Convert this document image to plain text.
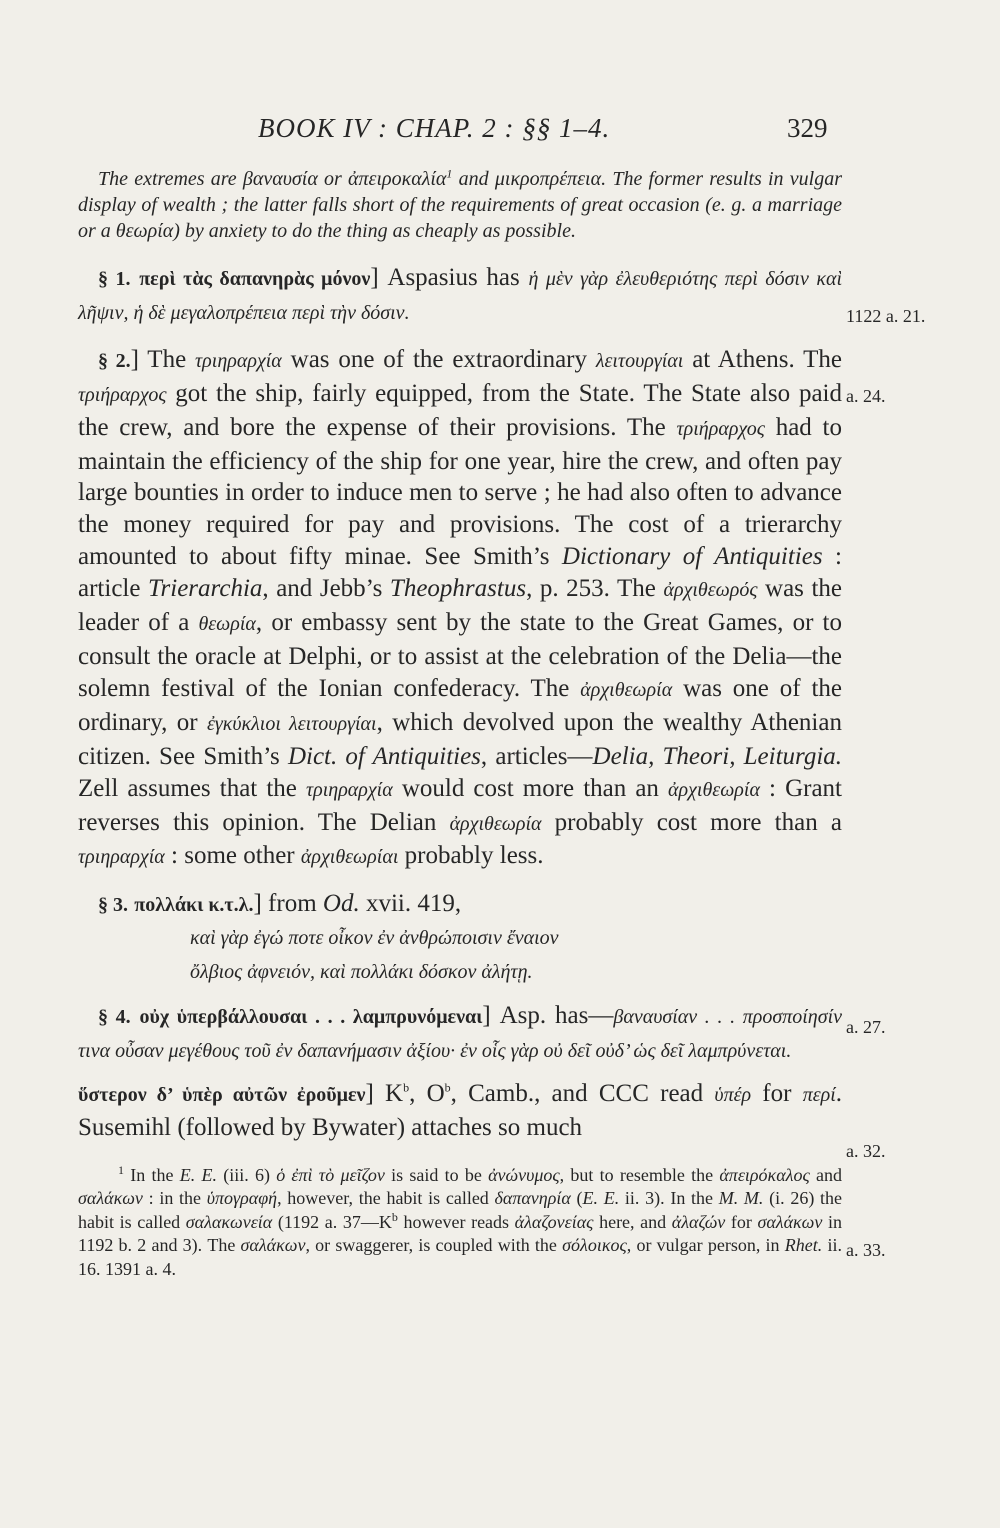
BOOK IV : CHAP. 2 : §§ 1–4.	329
1122 a. 21.
a. 24.
a. 27.
a. 32.
a. 33.

The extremes are βαναυσία or ἀπειροκαλία$^1$ and μικροπρέπεια. The former results in vulgar display of wealth ; the latter falls short of the requirements of great occasion (e. g. a marriage or a θεωρία) by anxiety to do the thing as cheaply as possible.

§ 1. περὶ τὰς δαπανηρὰς μόνον] Aspasius has ἡ μὲν γὰρ ἐλευθεριότης περὶ δόσιν καὶ λῆψιν, ἡ δὲ μεγαλοπρέπεια περὶ τὴν δόσιν.

§ 2.] The τριηραρχία was one of the extraordinary λειτουργίαι at Athens. The τριήραρχος got the ship, fairly equipped, from the State. The State also paid the crew, and bore the expense of their provisions. The τριήραρχος had to maintain the efficiency of the ship for one year, hire the crew, and often pay large bounties in order to induce men to serve ; he had also often to advance the money required for pay and provisions. The cost of a trierarchy amounted to about fifty minae. See Smith’s Dictionary of Antiquities : article Trierarchia, and Jebb’s Theophrastus, p. 253. The ἀρχιθεωρός was the leader of a θεωρία, or embassy sent by the state to the Great Games, or to consult the oracle at Delphi, or to assist at the celebration of the Delia—the solemn festival of the Ionian confederacy. The ἀρχιθεωρία was one of the ordinary, or ἐγκύκλιοι λειτουργίαι, which devolved upon the wealthy Athenian citizen. See Smith’s Dict. of Antiquities, articles—Delia, Theori, Leiturgia. Zell assumes that the τριηραρχία would cost more than an ἀρχιθεωρία : Grant reverses this opinion. The Delian ἀρχιθεωρία probably cost more than a τριηραρχία : some other ἀρχιθεωρίαι probably less.

§ 3. πολλάκι κ.τ.λ.] from Od. xvii. 419,

καὶ γὰρ ἐγώ ποτε οἶκον ἐν ἀνθρώποισιν ἔναιον

ὄλβιος ἀφνειόν, καὶ πολλάκι δόσκον ἀλήτῃ.

§ 4. οὐχ ὑπερβάλλουσαι . . . λαμπρυνόμεναι] Asp. has—βαναυσίαν . . . προσποίησίν τινα οὖσαν μεγέθους τοῦ ἐν δαπανήμασιν ἀξίου· ἐν οἷς γὰρ οὐ δεῖ οὐδ’ ὡς δεῖ λαμπρύνεται.

ὕστερον δ’ ὑπὲρ αὐτῶν ἐροῦμεν] $K^b$, $O^b$, Camb., and CCC read ὑπέρ for περί. Susemihl (followed by Bywater) attaches so much

$^1$ In the E. E. (iii. 6) ὁ ἐπὶ τὸ μεῖζον is said to be ἀνώνυμος, but to resemble the ἀπειρόκαλος and σαλάκων : in the ὑπογραφή, however, the habit is called δαπανηρία (E. E. ii. 3). In the M. M. (i. 26) the habit is called σαλακωνεία (1192 a. $37—K^b$ however reads ἀλαζονείας here, and ἀλαζών for σαλάκων in 1192 b. 2 and 3). The σαλάκων, or swaggerer, is coupled with the σόλοικος, or vulgar person, in Rhet. ii. 16. 1391 a. 4.
